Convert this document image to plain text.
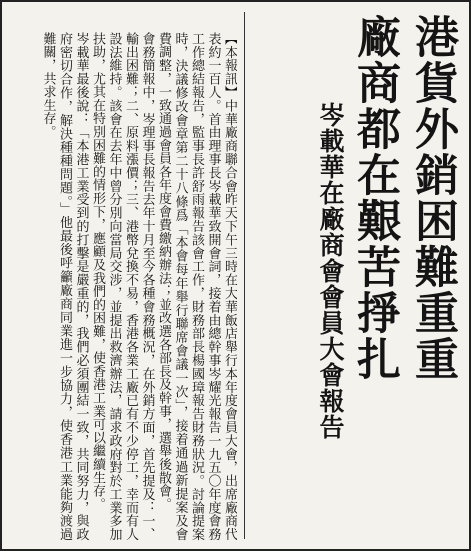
港貨外銷困難重重
廠商都在艱苦掙扎
岑載華在廠商會會員大會報告

【本報訊】中華廠商聯合會昨天下午三時在大華飯店舉行本年度會員大會，出席廠商代表約一百人。首由理事長岑載華致開會詞，接着由總幹事岑耀光報告一九五〇年度會務工作總結報告，監事長許舒雨報告該會工作，財務部長楊國璋報告財務狀況。討論提案時，決議修改會章第二十八條爲「本會每年舉行聯席會議一次」，接着通過新提案及會費調整，一致通過會員各年度會費繳納辦法；並改選各部長及幹事，選舉後散會。

會務簡報中，岑理事長報告去年十月至今各種會務概況，在外銷方面，首先提及：一、輸出困難；二、原料漲價；三、港幣兌換不易，香港各業工廠已有不少停工，幸而有人設法維持。該會在去年中曾分別向當局交涉，並提出救濟辦法，請求政府對於工業多加扶助，尤其在特別困難的情形下，應顧及我們的困難，使香港工業可以繼續生存。

岑載華最後說：「本港工業受到的打擊是嚴重的，我們必須團結一致，共同努力，與政府密切合作，解決種種問題。」他最後呼籲廠商同業進一步協力，使香港工業能夠渡過難關，共求生存。
